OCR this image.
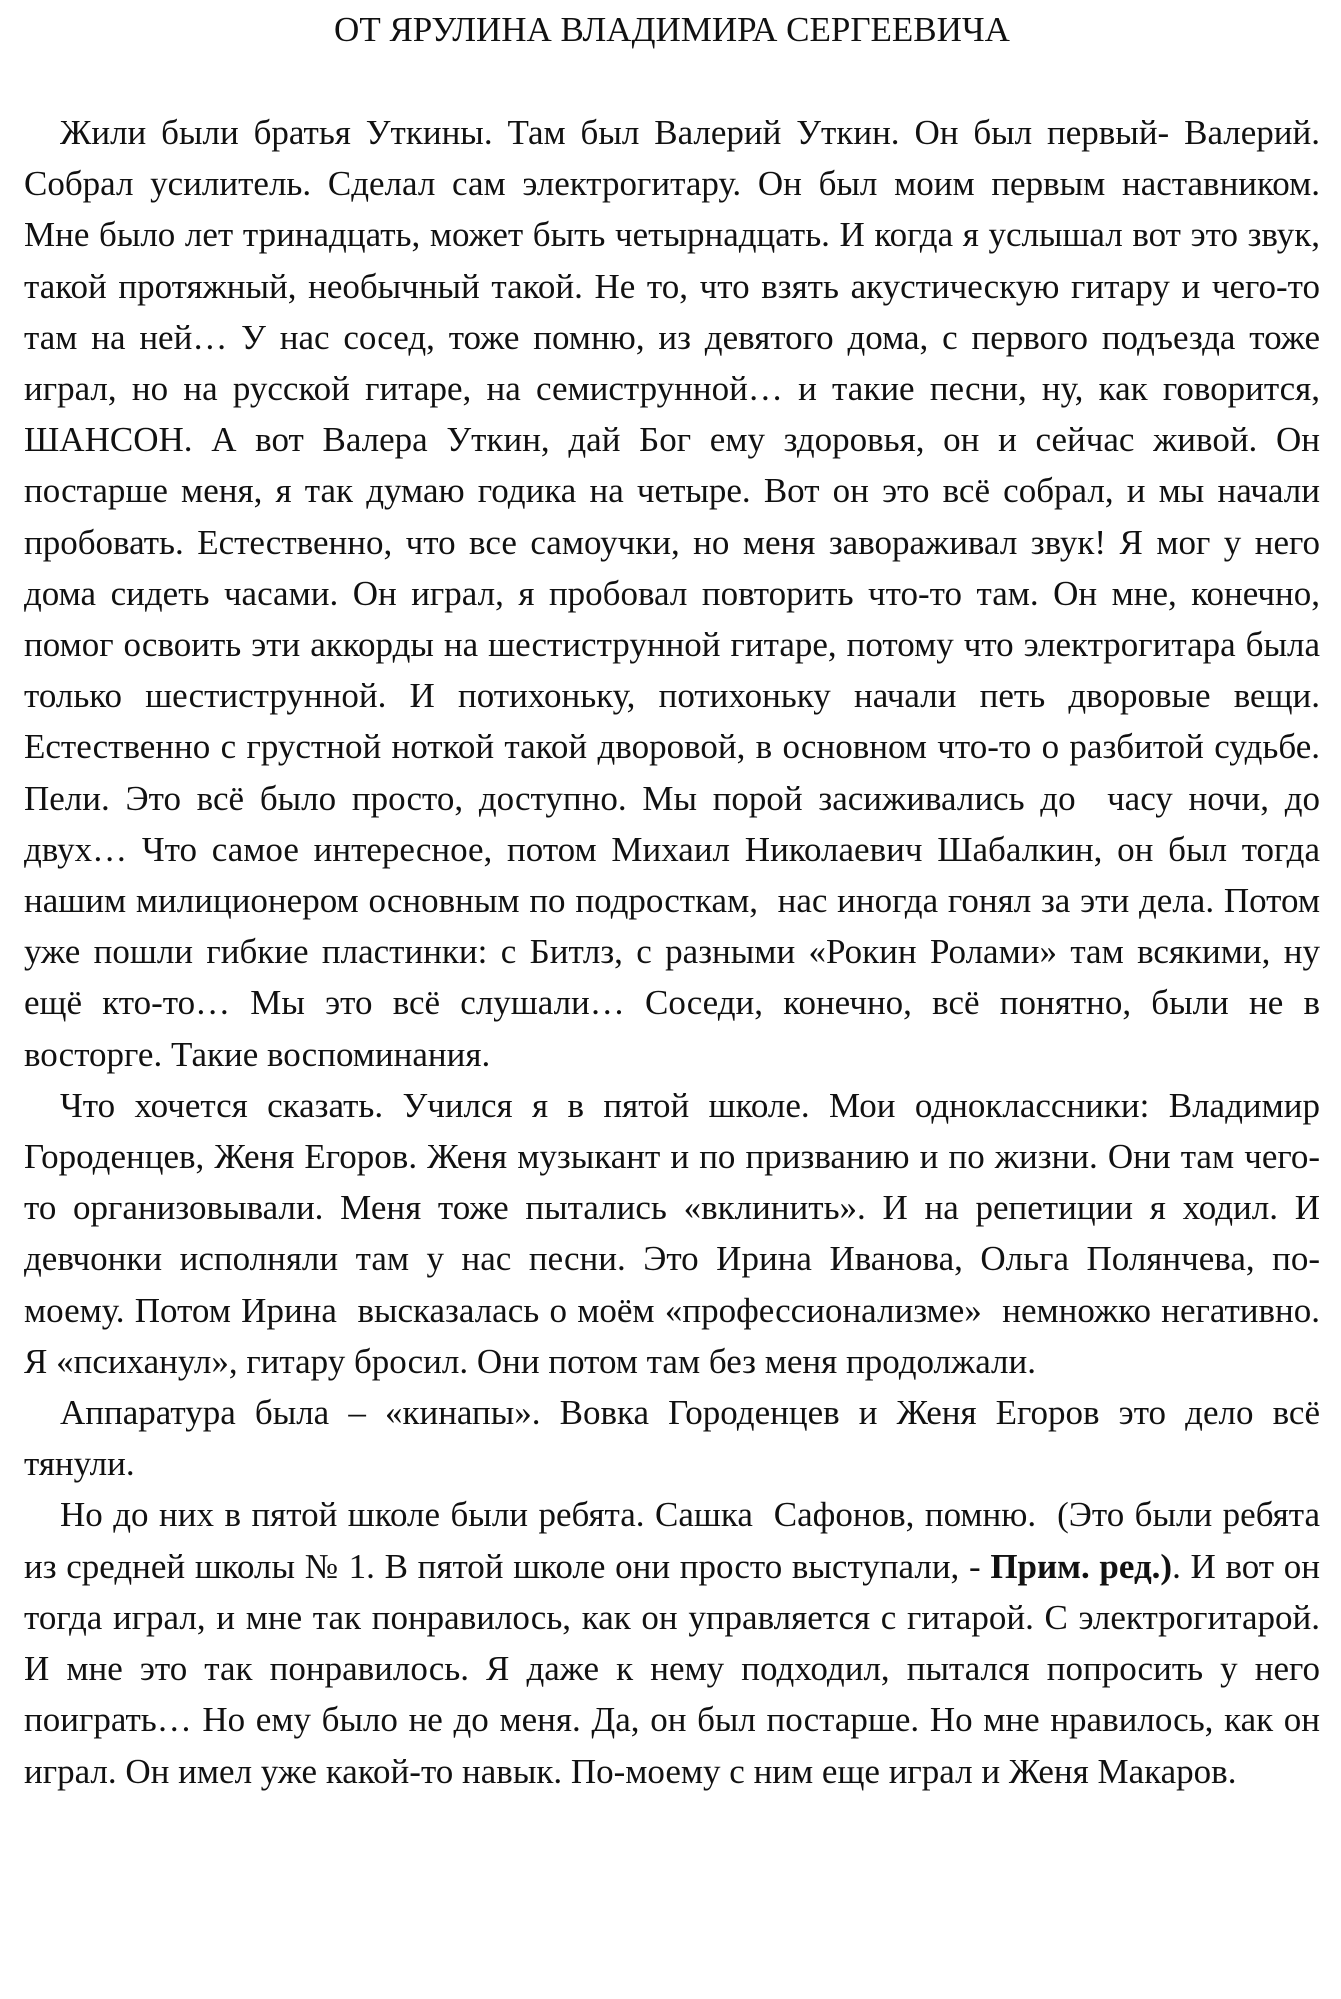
ОТ ЯРУЛИНА ВЛАДИМИРА СЕРГЕЕВИЧА

Жили были братья Уткины. Там был Валерий Уткин. Он был первый- Валерий. Собрал усилитель. Сделал сам электрогитару. Он был моим первым наставником. Мне было лет тринадцать, может быть четырнадцать. И когда я услышал вот это звук, такой протяжный, необычный такой. Не то, что взять акустическую гитару и чего-то там на ней… У нас сосед, тоже помню, из девятого дома, с первого подъезда тоже играл, но на русской гитаре, на семиструнной… и такие песни, ну, как говорится, ШАНСОН. А вот Валера Уткин, дай Бог ему здоровья, он и сейчас живой. Он постарше меня, я так думаю годика на четыре. Вот он это всё собрал, и мы начали пробовать. Естественно, что все самоучки, но меня завораживал звук! Я мог у него дома сидеть часами. Он играл, я пробовал повторить что-то там. Он мне, конечно, помог освоить эти аккорды на шестиструнной гитаре, потому что электрогитара была только шестиструнной. И потихоньку, потихоньку начали петь дворовые вещи. Естественно с грустной ноткой такой дворовой, в основном что-то о разбитой судьбе. Пели. Это всё было просто, доступно. Мы порой засиживались до  часу ночи, до двух… Что самое интересное, потом Михаил Николаевич Шабалкин, он был тогда нашим милиционером основным по подросткам,  нас иногда гонял за эти дела. Потом уже пошли гибкие пластинки: с Битлз, с разными «Рокин Ролами» там всякими, ну ещё кто-то… Мы это всё слушали… Соседи, конечно, всё понятно, были не в восторге. Такие воспоминания.

Что хочется сказать. Учился я в пятой школе. Мои одноклассники: Владимир Городенцев, Женя Егоров. Женя музыкант и по призванию и по жизни. Они там чего-то организовывали. Меня тоже пытались «вклинить». И на репетиции я ходил. И девчонки исполняли там у нас песни. Это Ирина Иванова, Ольга Полянчева, по-моему. Потом Ирина  высказалась о моём «профессионализме»  немножко негативно. Я «психанул», гитару бросил. Они потом там без меня продолжали.

Аппаратура была – «кинапы». Вовка Городенцев и Женя Егоров это дело всё тянули.

Но до них в пятой школе были ребята. Сашка  Сафонов, помню.  (Это были ребята из средней школы № 1. В пятой школе они просто выступали, - Прим. ред.). И вот он тогда играл, и мне так понравилось, как он управляется с гитарой. С электрогитарой. И мне это так понравилось. Я даже к нему подходил, пытался попросить у него поиграть… Но ему было не до меня. Да, он был постарше. Но мне нравилось, как он играл. Он имел уже какой-то навык. По-моему с ним еще играл и Женя Макаров.
